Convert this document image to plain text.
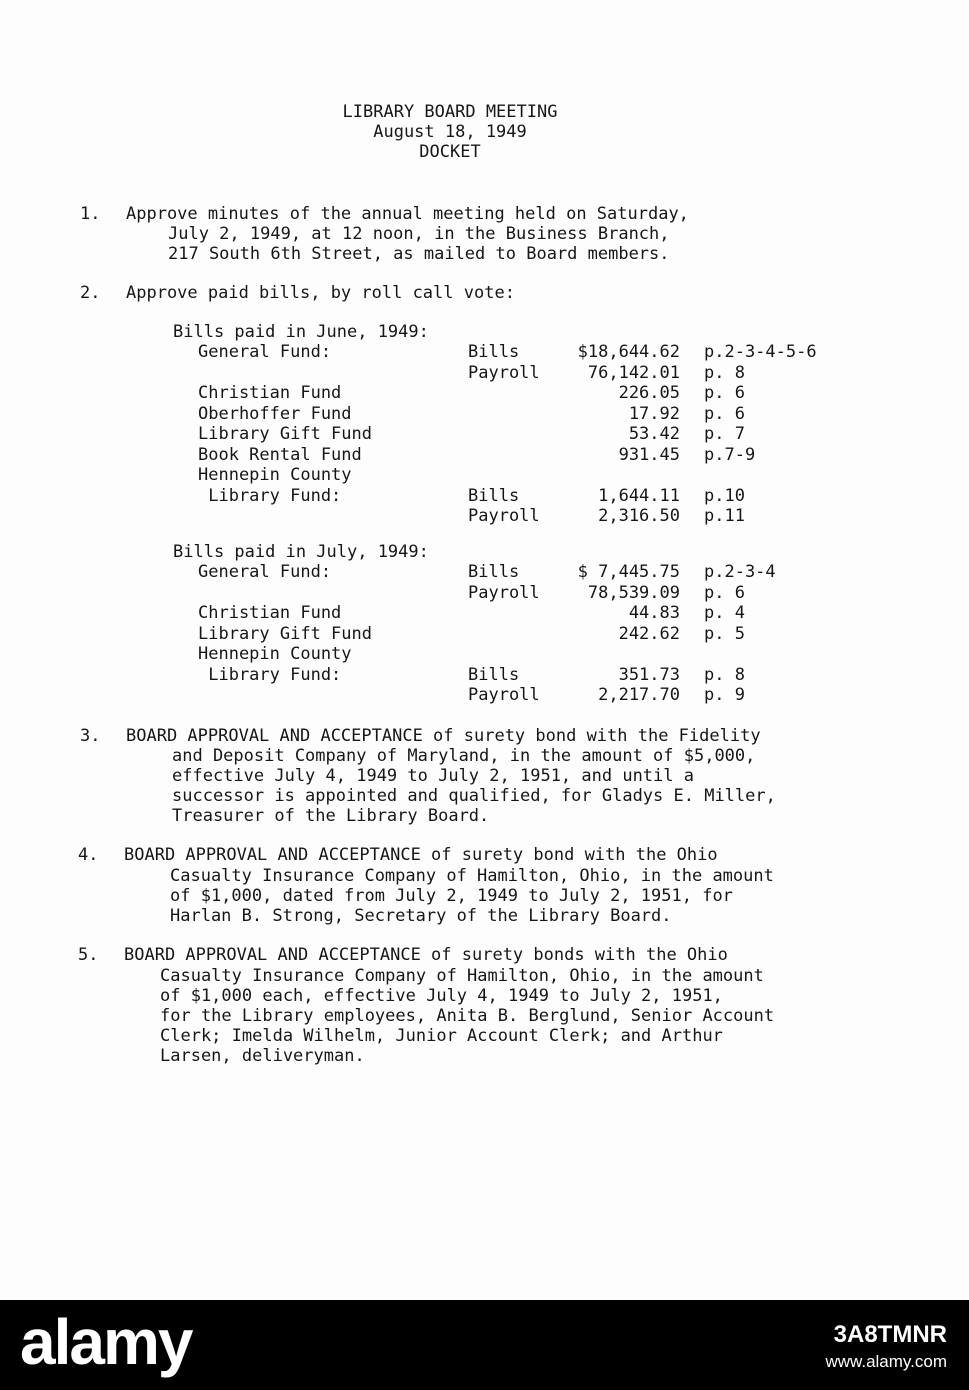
LIBRARY BOARD MEETING
August 18, 1949
DOCKET
1. Approve minutes of the annual meeting held on Saturday,
July 2, 1949, at 12 noon, in the Business Branch,
217 South 6th Street, as mailed to Board members.
2. Approve paid bills, by roll call vote:
Bills paid in June, 1949:
General Fund:	Bills	$18,644.62 p.2-3-4-5-6
Payroll	76,142.01 p. 8
Christian Fund	226.05 p. 6
Oberhoffer Fund	17.92 p. 6
Library Gift Fund	53.42 p. 7
Book Rental Fund	931.45 p.7-9
Hennepin County
Library Fund:	Bills	1,644.11 p.10
Payroll	2,316.50 p.11
Bills paid in July, 1949:
General Fund:	Bills	$ 7,445.75 p.2-3-4
Payroll	78,539.09 p. 6
Christian Fund	44.83 p. 4
Library Gift Fund	242.62 p. 5
Hennepin County
Library Fund:	Bills	351.73 p. 8
Payroll	2,217.70 p. 9
3. BOARD APPROVAL AND ACCEPTANCE of surety bond with the Fidelity
and Deposit Company of Maryland, in the amount of $5,000,
effective July 4, 1949 to July 2, 1951, and until a
successor is appointed and qualified, for Gladys E. Miller,
Treasurer of the Library Board.
4. BOARD APPROVAL AND ACCEPTANCE of surety bond with the Ohio
Casualty Insurance Company of Hamilton, Ohio, in the amount
of $1,000, dated from July 2, 1949 to July 2, 1951, for
Harlan B. Strong, Secretary of the Library Board.
5. BOARD APPROVAL AND ACCEPTANCE of surety bonds with the Ohio
Casualty Insurance Company of Hamilton, Ohio, in the amount
of $1,000 each, effective July 4, 1949 to July 2, 1951,
for the Library employees, Anita B. Berglund, Senior Account
Clerk; Imelda Wilhelm, Junior Account Clerk; and Arthur
Larsen, deliveryman.
alamy	3A8TMNR
www.alamy.com
